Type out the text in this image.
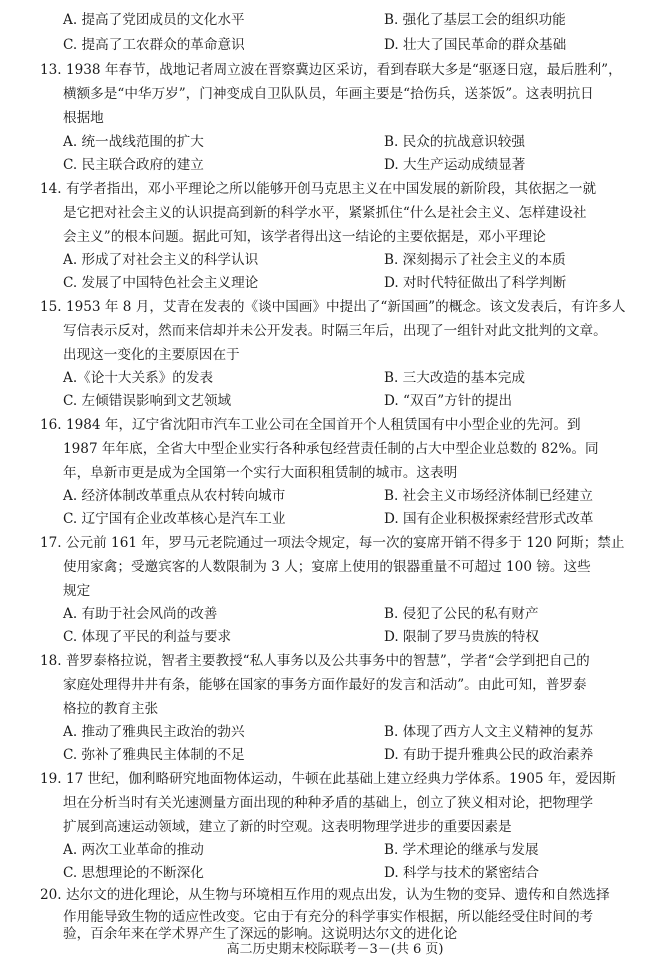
A. 提高了党团成员的文化水平	B. 强化了基层工会的组织功能
C. 提高了工农群众的革命意识	D. 壮大了国民革命的群众基础
13. 1938 年春节，战地记者周立波在晋察冀边区采访，看到春联大多是“驱逐日寇，最后胜利”，
横额多是“中华万岁”，门神变成自卫队队员，年画主要是“拾伤兵，送茶饭”。这表明抗日
根据地
A. 统一战线范围的扩大	B. 民众的抗战意识较强
C. 民主联合政府的建立	D. 大生产运动成绩显著
14. 有学者指出，邓小平理论之所以能够开创马克思主义在中国发展的新阶段，其依据之一就
是它把对社会主义的认识提高到新的科学水平，紧紧抓住“什么是社会主义、怎样建设社
会主义”的根本问题。据此可知，该学者得出这一结论的主要依据是，邓小平理论
A. 形成了对社会主义的科学认识	B. 深刻揭示了社会主义的本质
C. 发展了中国特色社会主义理论	D. 对时代特征做出了科学判断
15. 1953 年 8 月，艾青在发表的《谈中国画》中提出了“新国画”的概念。该文发表后，有许多人
写信表示反对，然而来信却并未公开发表。时隔三年后，出现了一组针对此文批判的文章。
出现这一变化的主要原因在于
A.《论十大关系》的发表	B. 三大改造的基本完成
C. 左倾错误影响到文艺领域	D. “双百”方针的提出
16. 1984 年，辽宁省沈阳市汽车工业公司在全国首开个人租赁国有中小型企业的先河。到
1987 年年底，全省大中型企业实行各种承包经营责任制的占大中型企业总数的 82%。同
年，阜新市更是成为全国第一个实行大面积租赁制的城市。这表明
A. 经济体制改革重点从农村转向城市	B. 社会主义市场经济体制已经建立
C. 辽宁国有企业改革核心是汽车工业	D. 国有企业积极探索经营形式改革
17. 公元前 161 年，罗马元老院通过一项法令规定，每一次的宴席开销不得多于 120 阿斯；禁止
使用家禽；受邀宾客的人数限制为 3 人；宴席上使用的银器重量不可超过 100 镑。这些
规定
A. 有助于社会风尚的改善	B. 侵犯了公民的私有财产
C. 体现了平民的利益与要求	D. 限制了罗马贵族的特权
18. 普罗泰格拉说，智者主要教授“私人事务以及公共事务中的智慧”，学者“会学到把自己的
家庭处理得井井有条，能够在国家的事务方面作最好的发言和活动”。由此可知，普罗泰
格拉的教育主张
A. 推动了雅典民主政治的勃兴	B. 体现了西方人文主义精神的复苏
C. 弥补了雅典民主体制的不足	D. 有助于提升雅典公民的政治素养
19. 17 世纪，伽利略研究地面物体运动，牛顿在此基础上建立经典力学体系。1905 年，爱因斯
坦在分析当时有关光速测量方面出现的种种矛盾的基础上，创立了狭义相对论，把物理学
扩展到高速运动领域，建立了新的时空观。这表明物理学进步的重要因素是
A. 两次工业革命的推动	B. 学术理论的继承与发展
C. 思想理论的不断深化	D. 科学与技术的紧密结合
20. 达尔文的进化理论，从生物与环境相互作用的观点出发，认为生物的变异、遗传和自然选择
作用能导致生物的适应性改变。它由于有充分的科学事实作根据，所以能经受住时间的考
验，百余年来在学术界产生了深远的影响。这说明达尔文的进化论
高二历史期末校际联考－3－(共 6 页)
